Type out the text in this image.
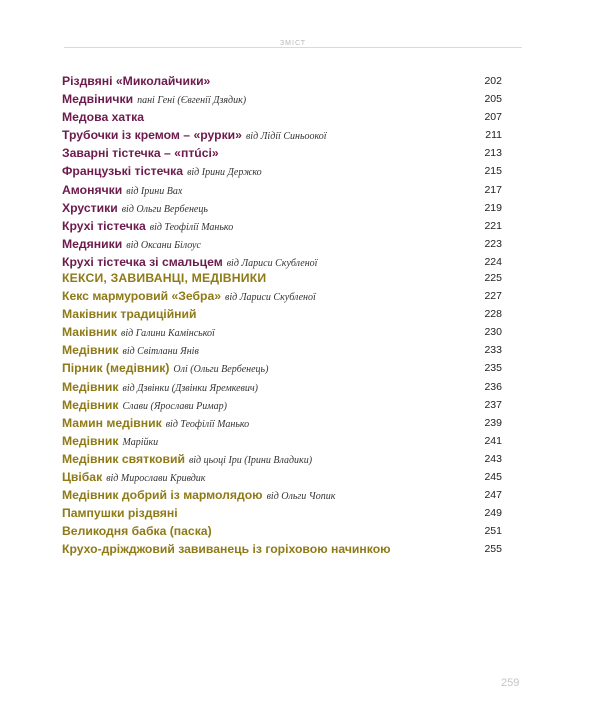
ЗМІСТ
Різдвяні «Миколайчики»	202
Медвінички пані Гені (Євгенії Дзядик)	205
Медова хатка	207
Трубочки із кремом – «рурки» від Лідії Синьоокої	211
Заварні тістечка – «птúсі»	213
Французькі тістечка від Ірини Держко	215
Амонячки від Ірини Вах	217
Хрустики від Ольги Вербенець	219
Крухі тістечка від Теофілії Манько	221
Медяники від Оксани Білоус	223
Крухі тістечка зі смальцем від Лариси Скубленої	224
КЕКСИ, ЗАВИВАНЦІ, МЕДІВНИКИ	225
Кекс мармуровий «Зебра» від Лариси Скубленої	227
Маківник традиційний	228
Маківник від Галини Камінської	230
Медівник від Світлани Янів	233
Пірник (медівник) Олі (Ольги Вербенець)	235
Медівник від Дзвінки (Дзвінки Яремкевич)	236
Медівник Слави (Ярослави Римар)	237
Мамин медівник від Теофілії Манько	239
Медівник Марійки	241
Медівник святковий від цьоці Іри (Ірини Владики)	243
Цвібак від Мирослави Кривдик	245
Медівник добрий із мармолядою від Ольги Чопик	247
Пампушки різдвяні	249
Великодня бабка (паска)	251
Крухо-дріжджовий завиванець із горіховою начинкою	255
259
